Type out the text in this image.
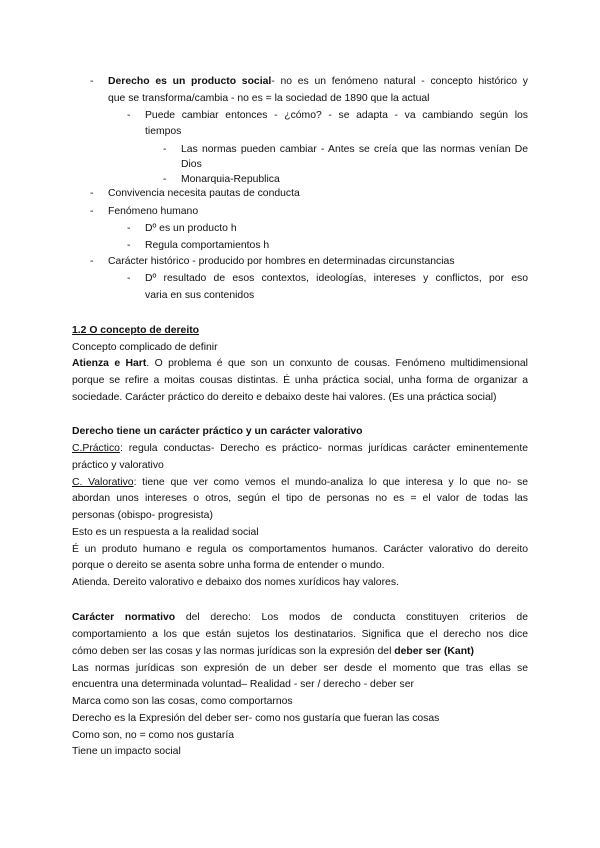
- Derecho es un producto social- no es un fenómeno natural - concepto histórico y
que se transforma/cambia - no es = la sociedad de 1890 que la actual
- Puede cambiar entonces - ¿cómo? - se adapta - va cambiando según los
tiempos
- Las normas pueden cambiar - Antes se creía que las normas venían De
Dios
- Monarquia-Republica
- Convivencia necesita pautas de conducta
- Fenómeno humano
- Dº es un producto h
- Regula comportamientos h
- Carácter histórico - producido por hombres en determinadas circunstancias
- Dº resultado de esos contextos, ideologías, intereses y conflictos, por eso
varia en sus contenidos
1.2 O concepto de dereito
Concepto complicado de definir
Atienza e Hart. O problema é que son un conxunto de cousas. Fenómeno multidimensional
porque se refire a moitas cousas distintas. É unha práctica social, unha forma de organizar a
sociedade. Carácter práctico do dereito e debaixo deste hai valores. (Es una práctica social)
Derecho tiene un carácter práctico y un carácter valorativo
C.Práctico: regula conductas- Derecho es práctico- normas jurídicas carácter eminentemente
práctico y valorativo
C. Valorativo: tiene que ver como vemos el mundo-analiza lo que interesa y lo que no- se
abordan unos intereses o otros, según el tipo de personas no es = el valor de todas las
personas (obispo- progresista)
Esto es un respuesta a la realidad social
É un produto humano e regula os comportamentos humanos. Carácter valorativo do dereito
porque o dereito se asenta sobre unha forma de entender o mundo.
Atienda. Dereito valorativo e debaixo dos nomes xurídicos hay valores.
Carácter normativo del derecho: Los modos de conducta constituyen criterios de
comportamiento a los que están sujetos los destinatarios. Significa que el derecho nos dice
cómo deben ser las cosas y las normas jurídicas son la expresión del deber ser (Kant)
Las normas jurídicas son expresión de un deber ser desde el momento que tras ellas se
encuentra una determinada voluntad– Realidad - ser / derecho - deber ser
Marca como son las cosas, como comportarnos
Derecho es la Expresión del deber ser- como nos gustaría que fueran las cosas
Como son, no = como nos gustaría
Tiene un impacto social
